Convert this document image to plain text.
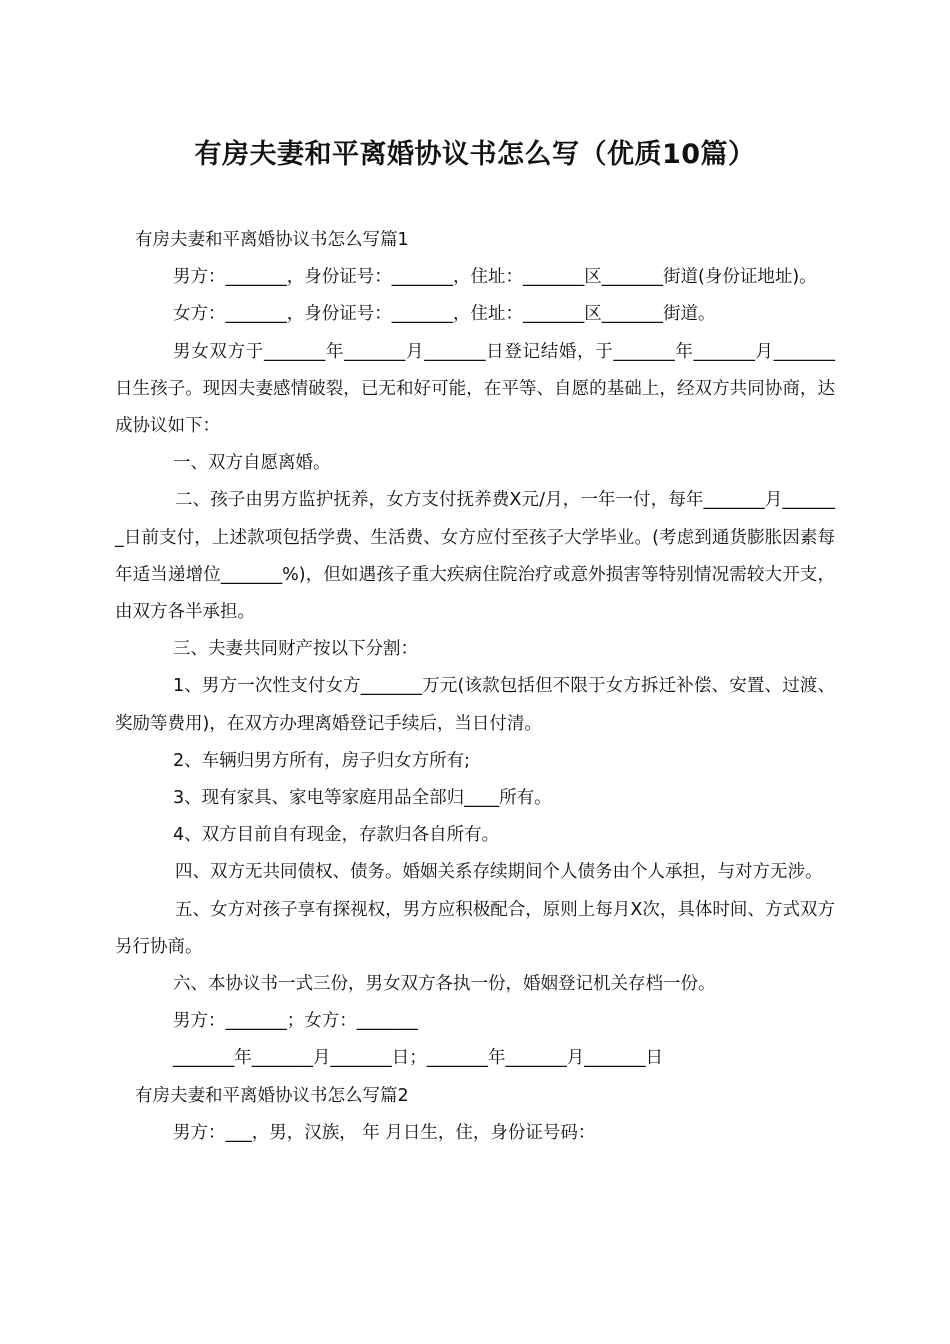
有房夫妻和平离婚协议书怎么写（优质10篇）

有房夫妻和平离婚协议书怎么写篇1

男方：_______，身份证号：_______，住址：_______区_______街道(身份证地址)。

女方：_______，身份证号：_______，住址：_______区_______街道。

男女双方于_______年_______月_______日登记结婚，于_______年_______月_______日生孩子。现因夫妻感情破裂，已无和好可能，在平等、自愿的基础上，经双方共同协商，达成协议如下：

一、双方自愿离婚。

二、孩子由男方监护抚养，女方支付抚养费X元/月，一年一付，每年_______月_______日前支付，上述款项包括学费、生活费、女方应付至孩子大学毕业。(考虑到通货膨胀因素每年适当递增位_______%)，但如遇孩子重大疾病住院治疗或意外损害等特别情况需较大开支，由双方各半承担。

三、夫妻共同财产按以下分割：

1、男方一次性支付女方_______万元(该款包括但不限于女方拆迁补偿、安置、过渡、奖励等费用)，在双方办理离婚登记手续后，当日付清。

2、车辆归男方所有，房子归女方所有;

3、现有家具、家电等家庭用品全部归____所有。

4、双方目前自有现金，存款归各自所有。

四、双方无共同债权、债务。婚姻关系存续期间个人债务由个人承担，与对方无涉。

五、女方对孩子享有探视权，男方应积极配合，原则上每月X次，具体时间、方式双方另行协商。

六、本协议书一式三份，男女双方各执一份，婚姻登记机关存档一份。

男方：_______；女方：_______

_______年_______月_______日；_______年_______月_______日

有房夫妻和平离婚协议书怎么写篇2

男方：___，男，汉族， 年 月日生，住，身份证号码：
